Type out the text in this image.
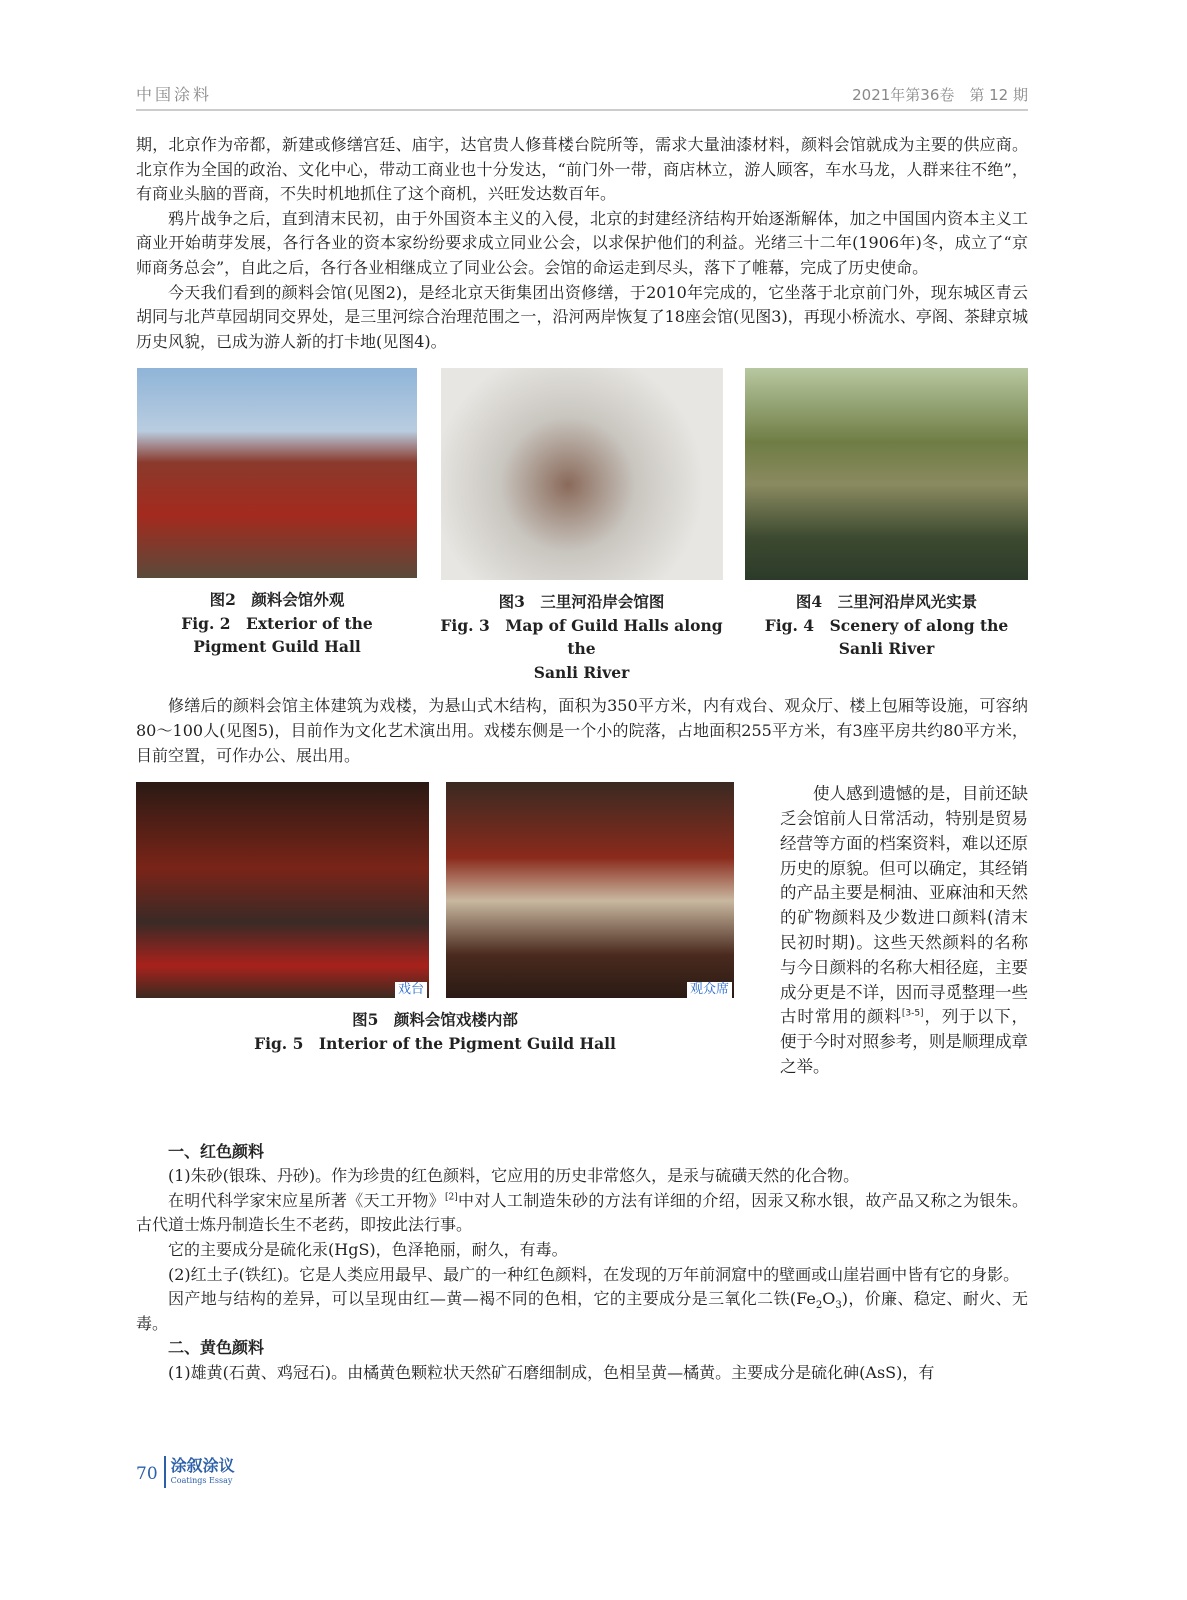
中国涂料	2021年第36卷　第 12 期

期，北京作为帝都，新建或修缮宫廷、庙宇，达官贵人修葺楼台院所等，需求大量油漆材料，颜料会馆就成为主要的供应商。北京作为全国的政治、文化中心，带动工商业也十分发达，“前门外一带，商店林立，游人顾客，车水马龙，人群来往不绝”，有商业头脑的晋商，不失时机地抓住了这个商机，兴旺发达数百年。

鸦片战争之后，直到清末民初，由于外国资本主义的入侵，北京的封建经济结构开始逐渐解体，加之中国国内资本主义工商业开始萌芽发展，各行各业的资本家纷纷要求成立同业公会，以求保护他们的利益。光绪三十二年(1906年)冬，成立了“京师商务总会”，自此之后，各行各业相继成立了同业公会。会馆的命运走到尽头，落下了帷幕，完成了历史使命。

今天我们看到的颜料会馆(见图2)，是经北京天街集团出资修缮，于2010年完成的，它坐落于北京前门外，现东城区青云胡同与北芦草园胡同交界处，是三里河综合治理范围之一，沿河两岸恢复了18座会馆(见图3)，再现小桥流水、亭阁、茶肆京城历史风貌，已成为游人新的打卡地(见图4)。

图2　颜料会馆外观
Fig. 2　Exterior of the
Pigment Guild Hall
图3　三里河沿岸会馆图
Fig. 3　Map of Guild Halls along the
Sanli River
图4　三里河沿岸风光实景
Fig. 4　Scenery of along the
Sanli River
修缮后的颜料会馆主体建筑为戏楼，为悬山式木结构，面积为350平方米，内有戏台、观众厅、楼上包厢等设施，可容纳80～100人(见图5)，目前作为文化艺术演出用。戏楼东侧是一个小的院落，占地面积255平方米，有3座平房共约80平方米，目前空置，可作办公、展出用。
戏台	观众席
图5　颜料会馆戏楼内部
Fig. 5　Interior of the Pigment Guild Hall
使人感到遗憾的是，目前还缺乏会馆前人日常活动，特别是贸易经营等方面的档案资料，难以还原历史的原貌。但可以确定，其经销的产品主要是桐油、亚麻油和天然的矿物颜料及少数进口颜料(清末民初时期)。这些天然颜料的名称与今日颜料的名称大相径庭，主要成分更是不详，因而寻觅整理一些古时常用的颜料[3-5]，列于以下，便于今时对照参考，则是顺理成章之举。

一、红色颜料

(1)朱砂(银珠、丹砂)。作为珍贵的红色颜料，它应用的历史非常悠久，是汞与硫磺天然的化合物。

在明代科学家宋应星所著《天工开物》[2]中对人工制造朱砂的方法有详细的介绍，因汞又称水银，故产品又称之为银朱。古代道士炼丹制造长生不老药，即按此法行事。

它的主要成分是硫化汞(HgS)，色泽艳丽，耐久，有毒。

(2)红土子(铁红)。它是人类应用最早、最广的一种红色颜料，在发现的万年前洞窟中的壁画或山崖岩画中皆有它的身影。

因产地与结构的差异，可以呈现由红—黄—褐不同的色相，它的主要成分是三氧化二铁$(Fe_2O_3)$，价廉、稳定、耐火、无毒。

二、黄色颜料

(1)雄黄(石黄、鸡冠石)。由橘黄色颗粒状天然矿石磨细制成，色相呈黄—橘黄。主要成分是硫化砷(AsS)，有

70 涂叙涂议
Coatings Essay
